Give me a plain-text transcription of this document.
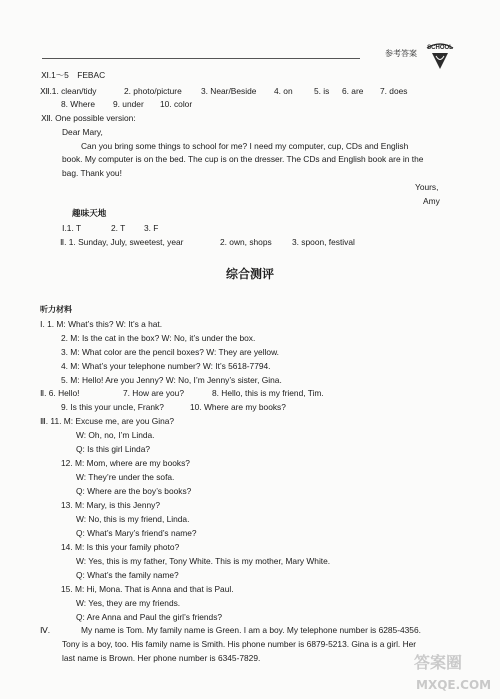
参考答案
SCHOOL
Ⅺ.1～5　FEBAC
Ⅻ.1. clean/tidy	2. photo/picture 3. Near/Beside 4. on	5. is 6. are 7. does
8. Where 9. under 10. color
Ⅻ. One possible version:
Dear Mary,
Can you bring some things to school for me? I need my computer, cup, CDs and English
book. My computer is on the bed. The cup is on the dresser. The CDs and English book are in the
bag. Thank you!
Yours,
Amy
趣味天地
Ⅰ.1. T	2. T 3. F
Ⅱ. 1. Sunday, July, sweetest, year	2. own, shops 3. spoon, festival
综合测评
听力材料
Ⅰ. 1. M: What’s this? W: It’s a hat.
2. M: Is the cat in the box? W: No, it’s under the box.
3. M: What color are the pencil boxes? W: They are yellow.
4. M: What’s your telephone number? W: It’s 5618-7794.
5. M: Hello! Are you Jenny? W: No, I’m Jenny’s sister, Gina.
Ⅱ. 6. Hello!	7. How are you?	8. Hello, this is my friend, Tim.
9. Is this your uncle, Frank?	10. Where are my books?
Ⅲ. 11. M: Excuse me, are you Gina?
W: Oh, no, I’m Linda.
Q: Is this girl Linda?
12. M: Mom, where are my books?
W: They’re under the sofa.
Q: Where are the boy’s books?
13. M: Mary, is this Jenny?
W: No, this is my friend, Linda.
Q: What’s Mary’s friend’s name?
14. M: Is this your family photo?
W: Yes, this is my father, Tony White. This is my mother, Mary White.
Q: What’s the family name?
15. M: Hi, Mona. That is Anna and that is Paul.
W: Yes, they are my friends.
Q: Are Anna and Paul the girl’s friends?
Ⅳ.	My name is Tom. My family name is Green. I am a boy. My telephone number is 6285-4356.
Tony is a boy, too. His family name is Smith. His phone number is 6879-5213. Gina is a girl. Her
last name is Brown. Her phone number is 6345-7829.	答案圈
MXQE.COM
